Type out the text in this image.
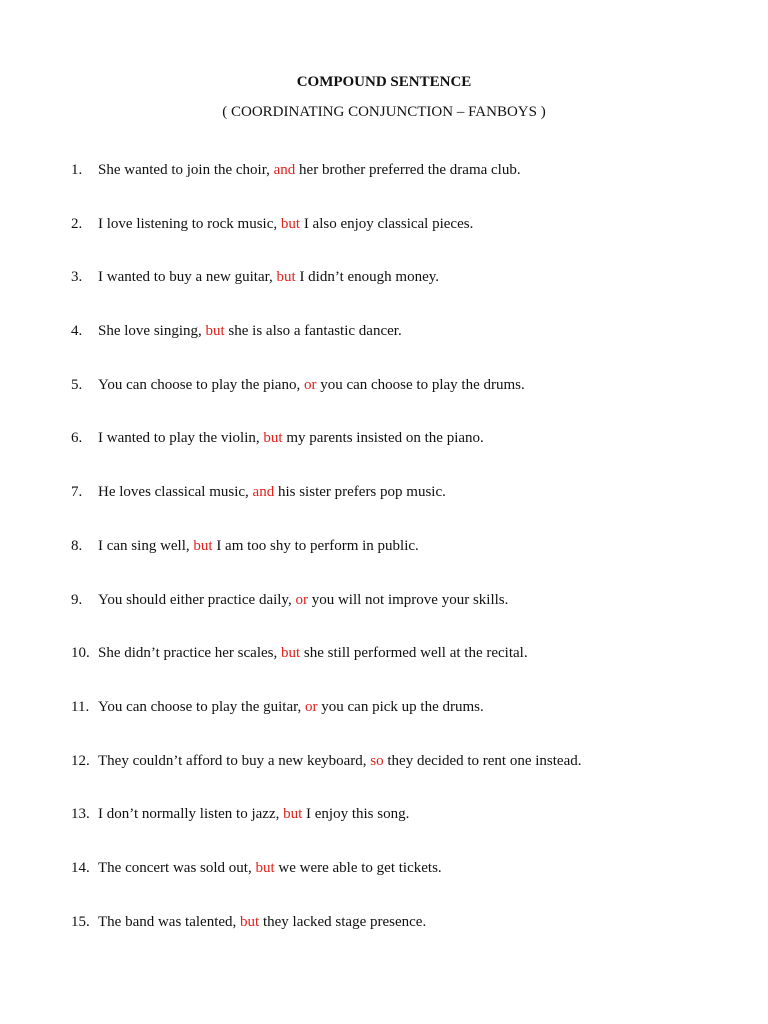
COMPOUND SENTENCE
( COORDINATING CONJUNCTION – FANBOYS )
1.	She wanted to join the choir, and her brother preferred the drama club.
2.	I love listening to rock music, but I also enjoy classical pieces.
3.	I wanted to buy a new guitar, but I didn’t enough money.
4.	She love singing, but she is also a fantastic dancer.
5.	You can choose to play the piano, or you can choose to play the drums.
6.	I wanted to play the violin, but my parents insisted on the piano.
7.	He loves classical music, and his sister prefers pop music.
8.	I can sing well, but I am too shy to perform in public.
9.	You should either practice daily, or you will not improve your skills.
10. She didn’t practice her scales, but she still performed well at the recital.
11. You can choose to play the guitar, or you can pick up the drums.
12. They couldn’t afford to buy a new keyboard, so they decided to rent one instead.
13. I don’t normally listen to jazz, but I enjoy this song.
14. The concert was sold out, but we were able to get tickets.
15. The band was talented, but they lacked stage presence.
